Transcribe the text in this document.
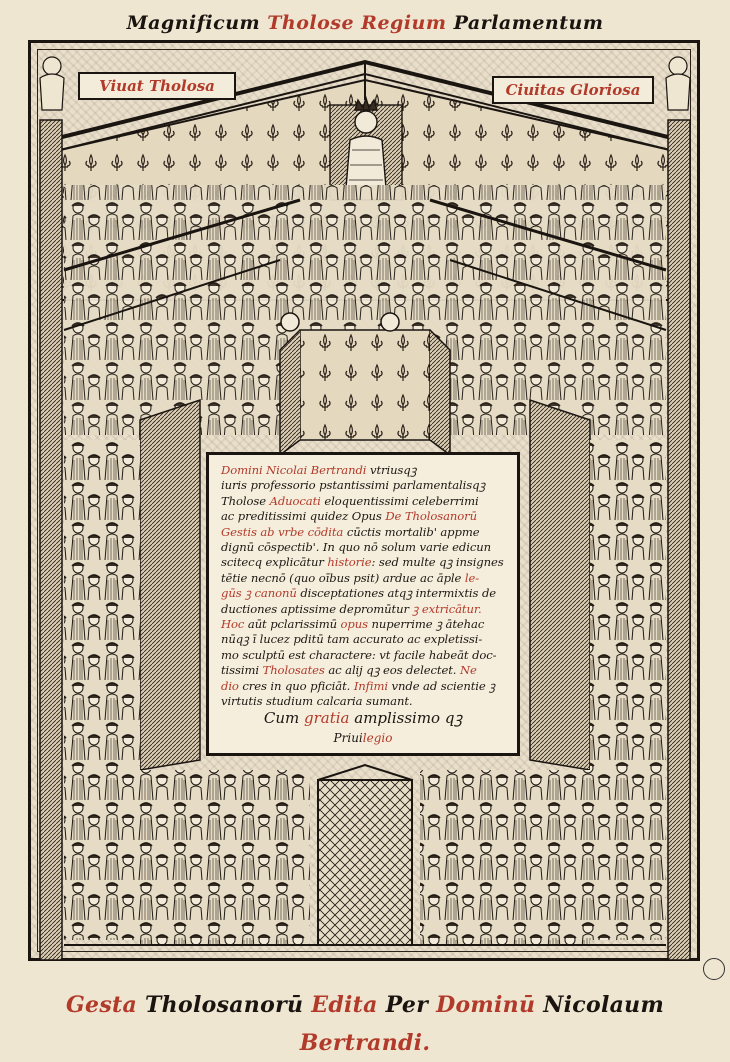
Magnificum Tholose Regium Parlamentum
Viuat Tholosa	Ciuitas Gloriosa
Domini Nicolai Bertrandi vtriusqꝫ
iuris professorio pstantissimi parlamentalisqꝫ
Tholose Aduocati eloquentissimi celeberrimi
ac preditissimi quidez Opus De Tholosanorū
Gestis ab vrbe cōdita cūctis mortalib' appme
dignū cōspectib'. In quo nō solum varie edicun
scitecq explicātur historie: sed multe qꝫ insignes
tētie necnō (quo oībus psit) ardue ac āple le-
gūs ꝫ canonū disceptationes atqꝫ intermixtis de
ductiones aptissime depromūtur ꝫ extricātur.
Hoc aūt pclarissimū opus nuperrime ꝫ ātehac
nūqꝫ ī lucez pditū tam accurato ac expletissi-
mo sculptū est charactere: vt facile habeāt doc-
tissimi Tholosates ac alij qꝫ eos delectet. Ne
dio cres in quo pficiāt. Infimi vnde ad scientie ꝫ
virtutis studium calcaria sumant.
Cum gratia amplissimo qꝫ
Priuilegio
Gesta Tholosanorū Edita Per Dominū Nicolaum Bertrandi.
